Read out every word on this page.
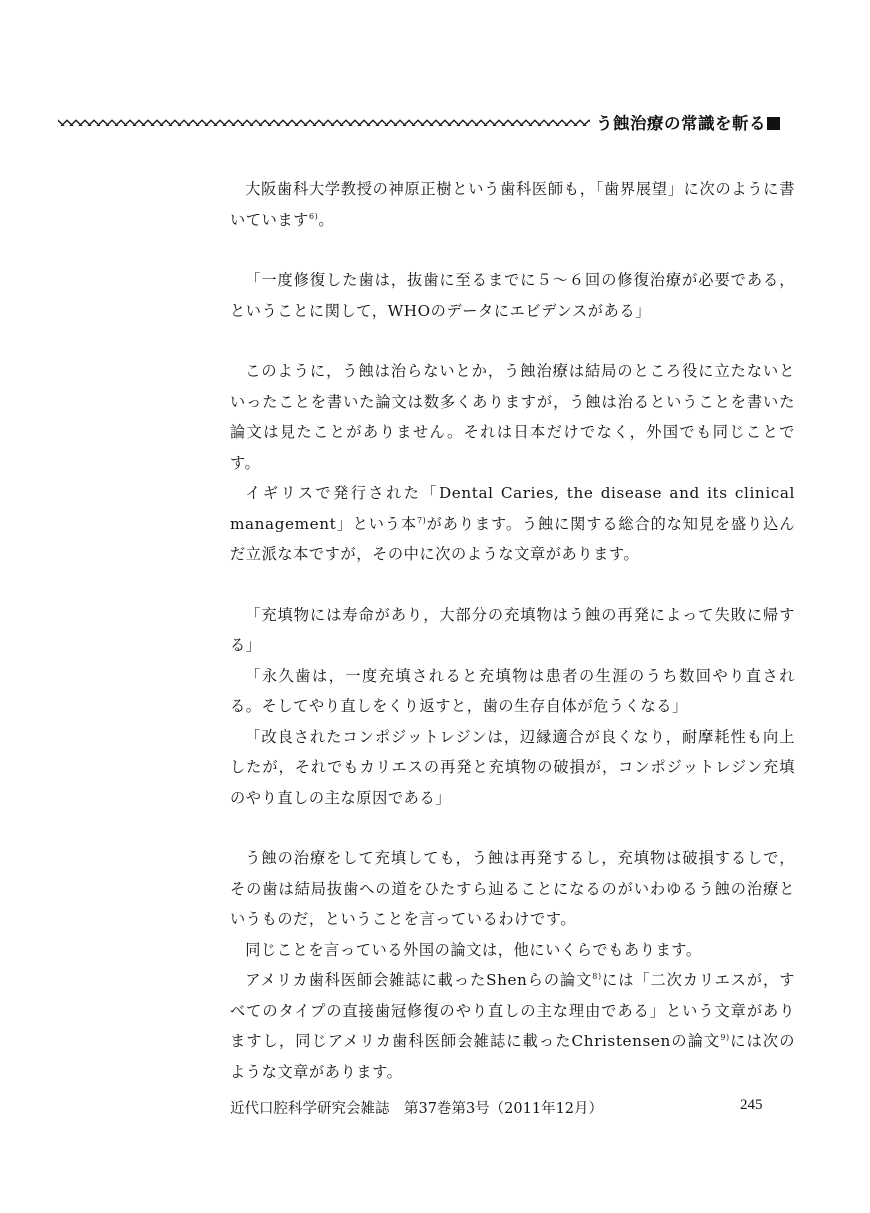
う蝕治療の常識を斬る

大阪歯科大学教授の神原正樹という歯科医師も，「歯界展望」に次のように書いています$^{6)}$。

「一度修復した歯は，抜歯に至るまでに５～６回の修復治療が必要である，ということに関して，WHOのデータにエビデンスがある」

このように，う蝕は治らないとか，う蝕治療は結局のところ役に立たないといったことを書いた論文は数多くありますが，う蝕は治るということを書いた論文は見たことがありません。それは日本だけでなく，外国でも同じことです。

イギリスで発行された「Dental Caries, the disease and its clinical management」という本$^{7)}$があります。う蝕に関する総合的な知見を盛り込んだ立派な本ですが，その中に次のような文章があります。

「充填物には寿命があり，大部分の充填物はう蝕の再発によって失敗に帰する」

「永久歯は，一度充填されると充填物は患者の生涯のうち数回やり直される。そしてやり直しをくり返すと，歯の生存自体が危うくなる」

「改良されたコンポジットレジンは，辺縁適合が良くなり，耐摩耗性も向上したが，それでもカリエスの再発と充填物の破損が，コンポジットレジン充填のやり直しの主な原因である」

う蝕の治療をして充填しても，う蝕は再発するし，充填物は破損するしで，その歯は結局抜歯への道をひたすら辿ることになるのがいわゆるう蝕の治療というものだ，ということを言っているわけです。

同じことを言っている外国の論文は，他にいくらでもあります。

アメリカ歯科医師会雑誌に載ったShenらの論文$^{8)}$には「二次カリエスが，すべてのタイプの直接歯冠修復のやり直しの主な理由である」という文章がありますし，同じアメリカ歯科医師会雑誌に載ったChristensenの論文$^{9)}$には次のような文章があります。

近代口腔科学研究会雑誌　第37巻第3号（2011年12月）	245
